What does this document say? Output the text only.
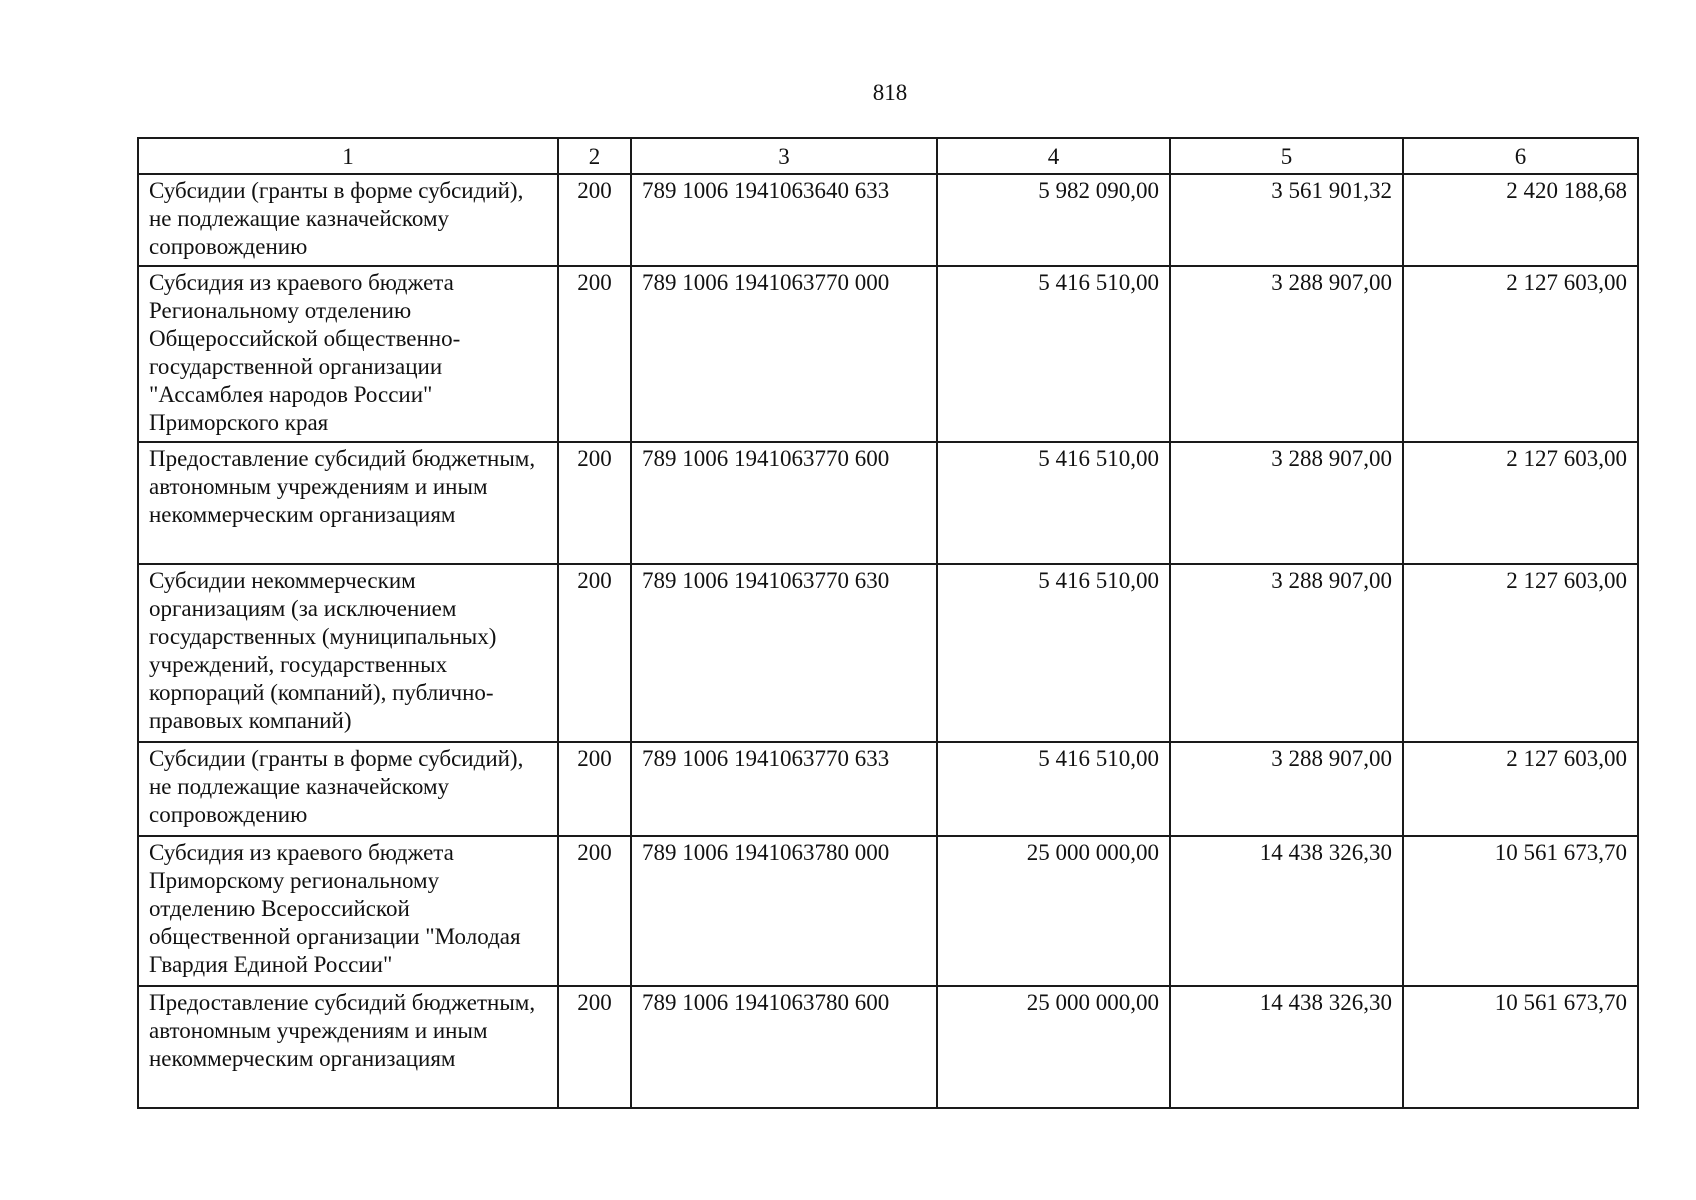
818
1	2	3	4	5	6
Субсидии (гранты в форме субсидий), не подлежащие казначейскому сопровождению	200	789 1006 1941063640 633	5 982 090,00	3 561 901,32	2 420 188,68
Субсидия из краевого бюджета Региональному отделению Общероссийской общественно-государственной организации "Ассамблея народов России" Приморского края	200	789 1006 1941063770 000	5 416 510,00	3 288 907,00	2 127 603,00
Предоставление субсидий бюджетным, автономным учреждениям и иным некоммерческим организациям	200	789 1006 1941063770 600	5 416 510,00	3 288 907,00	2 127 603,00
Субсидии некоммерческим организациям (за исключением государственных (муниципальных) учреждений, государственных корпораций (компаний), публично-правовых компаний)	200	789 1006 1941063770 630	5 416 510,00	3 288 907,00	2 127 603,00
Субсидии (гранты в форме субсидий), не подлежащие казначейскому сопровождению	200	789 1006 1941063770 633	5 416 510,00	3 288 907,00	2 127 603,00
Субсидия из краевого бюджета Приморскому региональному отделению Всероссийской общественной организации "Молодая Гвардия Единой России"	200	789 1006 1941063780 000	25 000 000,00	14 438 326,30	10 561 673,70
Предоставление субсидий бюджетным, автономным учреждениям и иным некоммерческим организациям	200	789 1006 1941063780 600	25 000 000,00	14 438 326,30	10 561 673,70
